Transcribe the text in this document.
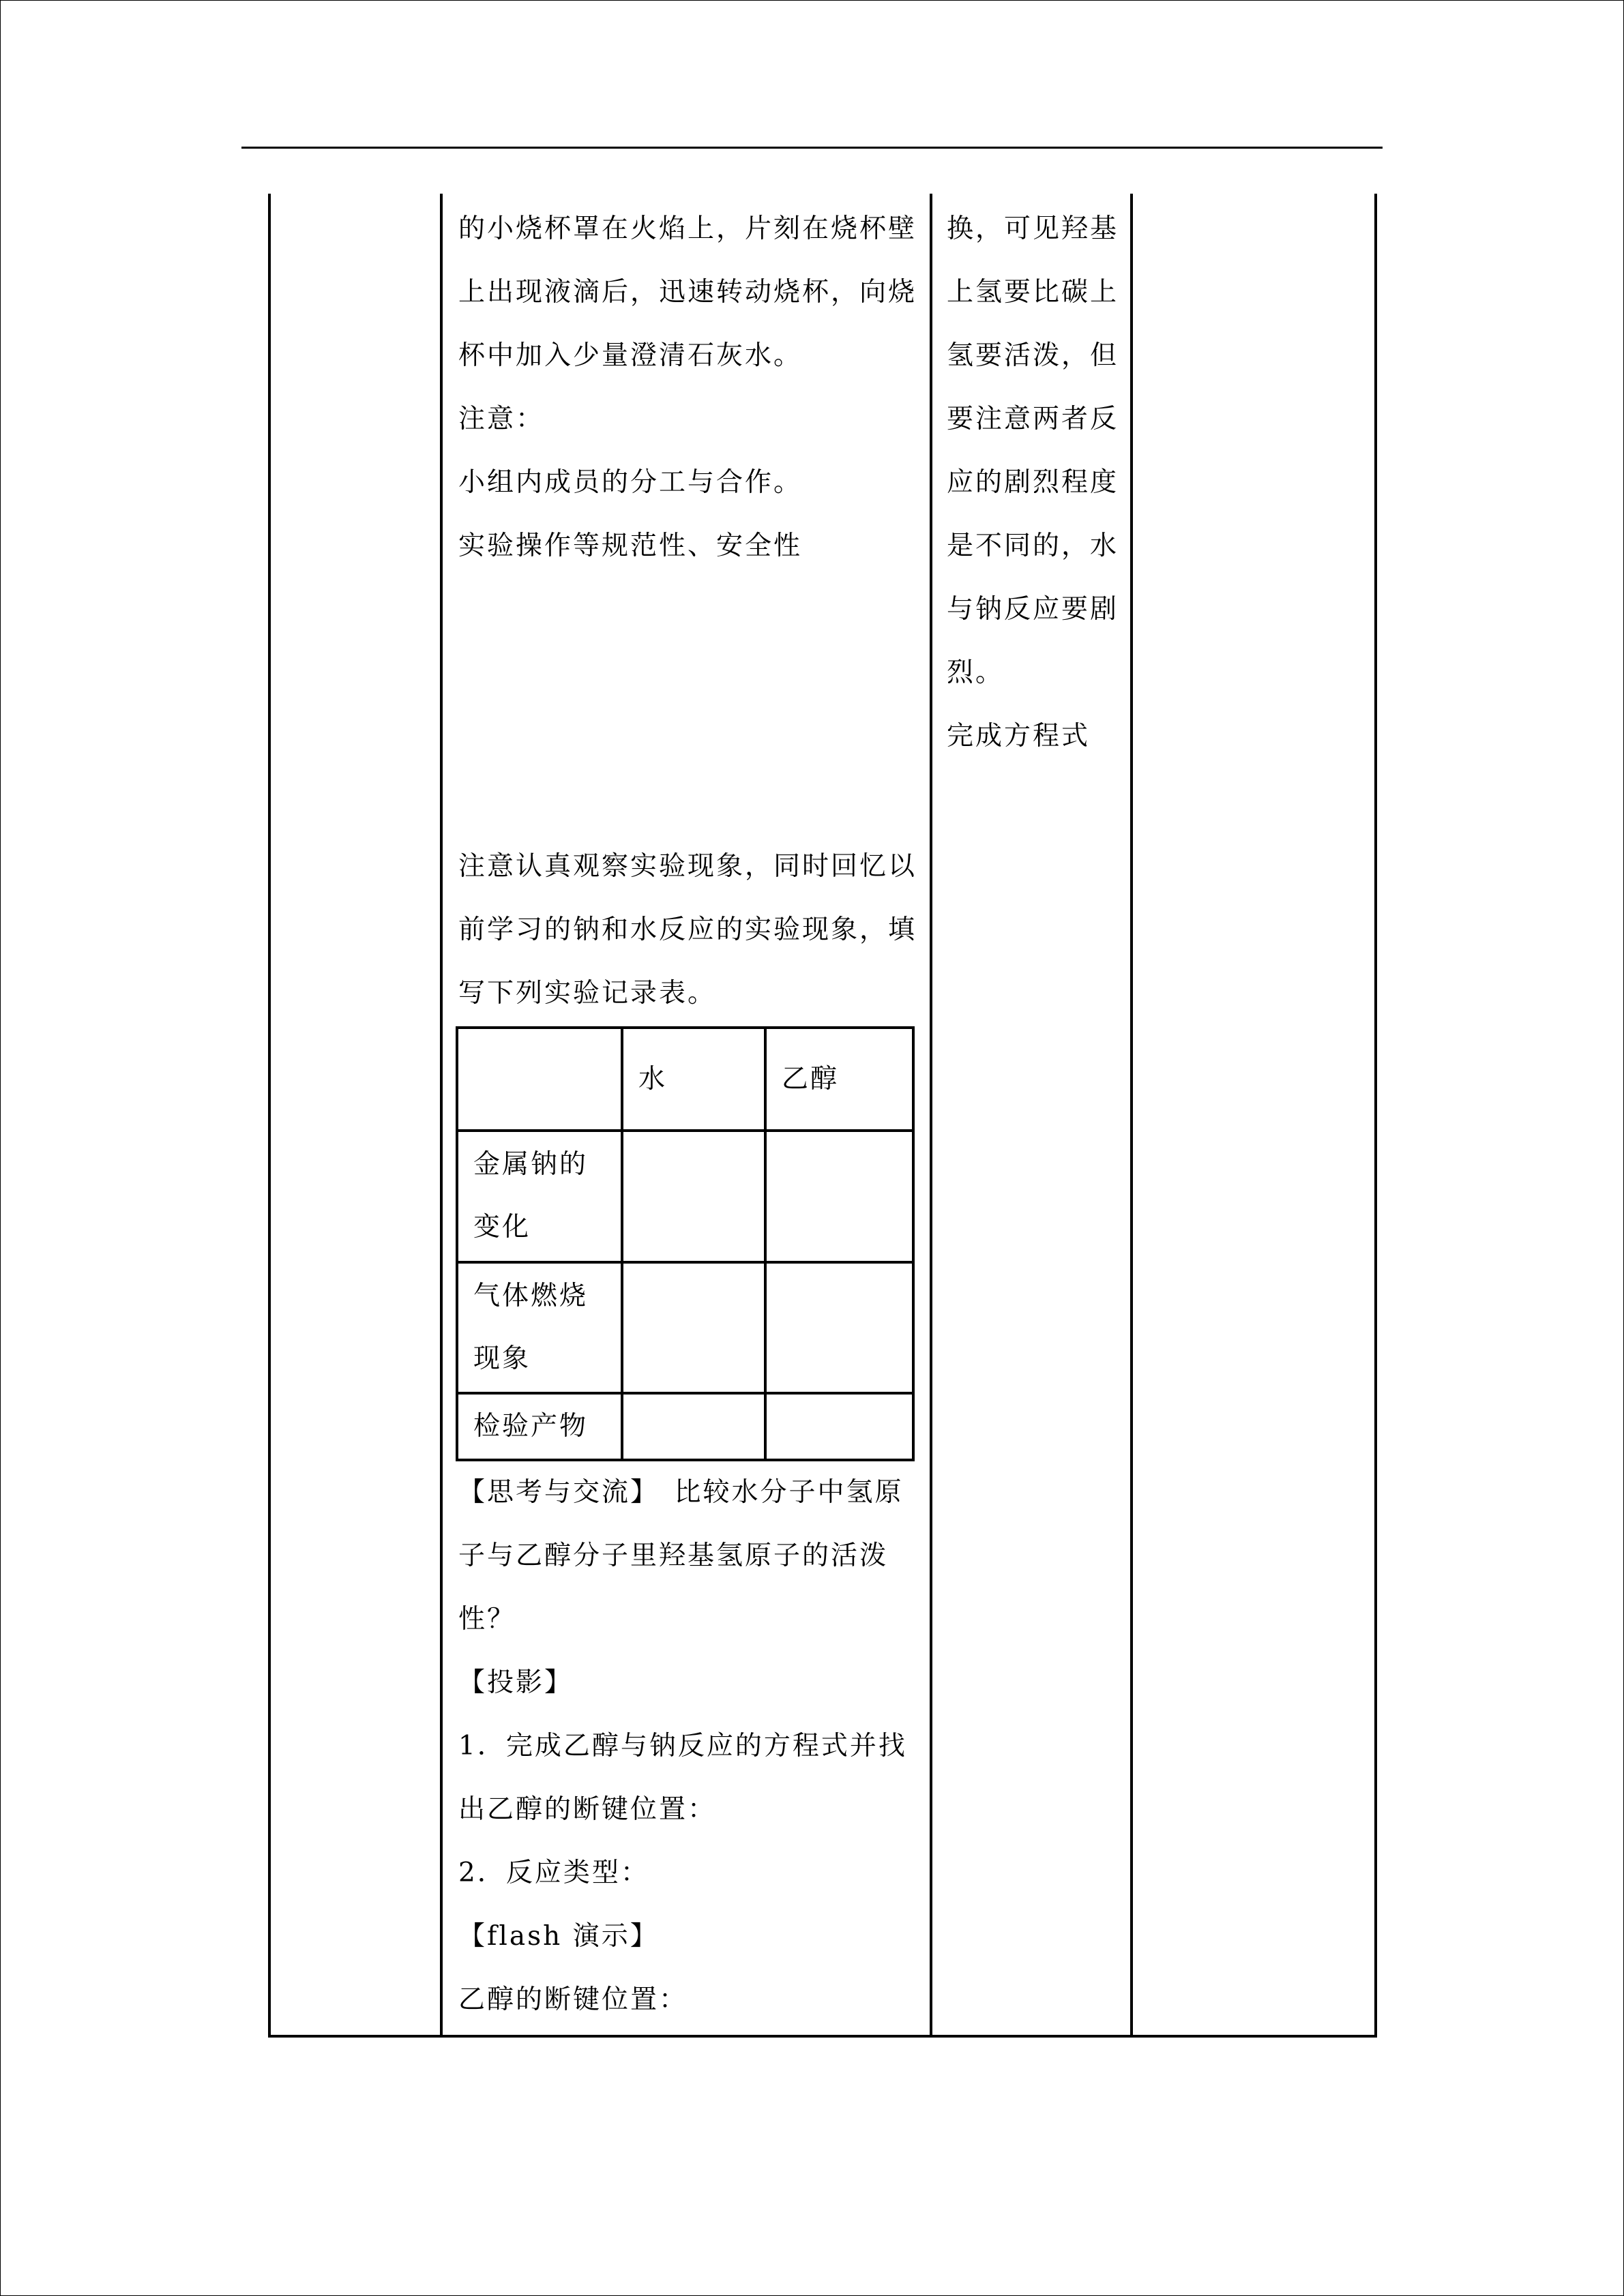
的小烧杯罩在火焰上，片刻在烧杯壁
上出现液滴后，迅速转动烧杯，向烧
杯中加入少量澄清石灰水。
注意：
小组内成员的分工与合作。
实验操作等规范性、安全性
注意认真观察实验现象，同时回忆以
前学习的钠和水反应的实验现象，填
写下列实验记录表。
	水	乙醇

金属钠的
变化		

气体燃烧
现象		

检验产物		
【思考与交流】　比较水分子中氢原
子与乙醇分子里羟基氢原子的活泼
性？
【投影】
1．完成乙醇与钠反应的方程式并找
出乙醇的断键位置：
2．反应类型：
【flash 演示】
乙醇的断键位置：
换，可见羟基
上氢要比碳上
氢要活泼，但
要注意两者反
应的剧烈程度
是不同的，水
与钠反应要剧
烈。
完成方程式
